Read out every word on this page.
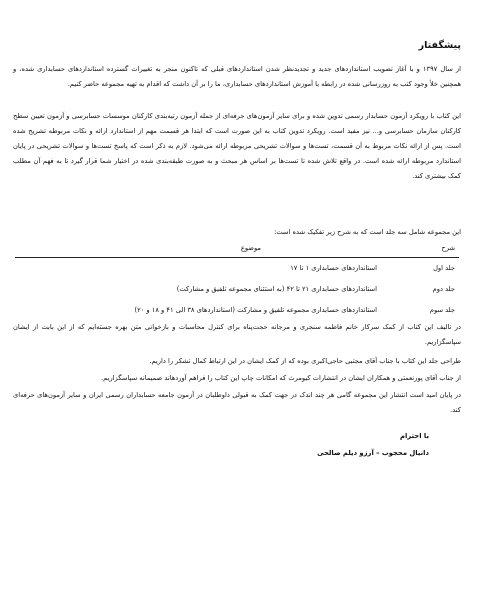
پیشگفتار

از سال ۱۳۹۷ و با آغاز تصویب استانداردهای جدید و تجدیدنظر شدن استانداردهای قبلی که تاکنون منجر به تغییرات گسترده استانداردهای حسابداری شده، و همچنین خلأ وجود کتب به روزرسانی شده در رابطه با آموزش استانداردهای حسابداری، ما را بر آن داشت که اقدام به تهیه مجموعه حاضر کنیم.

این کتاب با رویکرد آزمون حسابدار رسمی تدوین شده و برای سایر آزمون‌های حرفه‌ای از جمله آزمون رتبه‌بندی کارکنان موسسات حسابرسی و آزمون تعیین سطح کارکنان سازمان حسابرسی و... نیز مفید است. رویکرد تدوین کتاب به این صورت است که ابتدا هر قسمت مهم از استاندارد ارائه و نکات مربوطه تشریح شده است. پس از ارائه نکات مربوط به آن قسمت، تست‌ها و سوالات تشریحی مربوطه ارائه می‌شود. لازم به ذکر است که پاسخ تست‌ها و سوالات تشریحی در پایان استاندارد مربوطه ارائه شده است. در واقع تلاش شده تا تست‌ها بر اساس هر مبحث و به صورت طبقه‌بندی شده در اختیار شما قرار گیرد تا به فهم آن مطلب کمک بیشتری کند.

این مجموعه شامل سه جلد است که به شرح زیر تفکیک شده است:

شرح
موضوع
جلد اول
استانداردهای حسابداری ۱ تا ۱۷
جلد دوم
استانداردهای حسابداری ۲۱ تا ۴۲ (به استثنای مجموعه تلفیق و مشارکت)
جلد سوم
استانداردهای حسابداری مجموعه تلفیق و مشارکت (استانداردهای ۳۸ الی ۴۱ و ۱۸ و ۲۰)

در تالیف این کتاب از کمک سرکار خانم فاطمه سنجری و مرجانه حجت‌پناه برای کنترل محاسبات و بازخوانی متن بهره جسته‌ایم که از این بابت از ایشان سپاسگزاریم.

طراحی جلد این کتاب با جناب آقای مجتبی حاجی‌اکبری بوده که از کمک ایشان در این ارتباط کمال تشکر را داریم.

از جناب آقای پورنعمتی و همکاران ایشان در انتشارات کیومرث که امکانات چاپ این کتاب را فراهم آوردهاند صمیمانه سپاسگزاریم.

در پایان امید است انتشار این مجموعه گامی هر چند اندک در جهت کمک به قبولی داوطلبان در آزمون جامعه حسابداران رسمی ایران و سایر آزمون‌های حرفه‌ای کند.

با احترام

دانیال محجوب – آرزو دیلم صالحی
